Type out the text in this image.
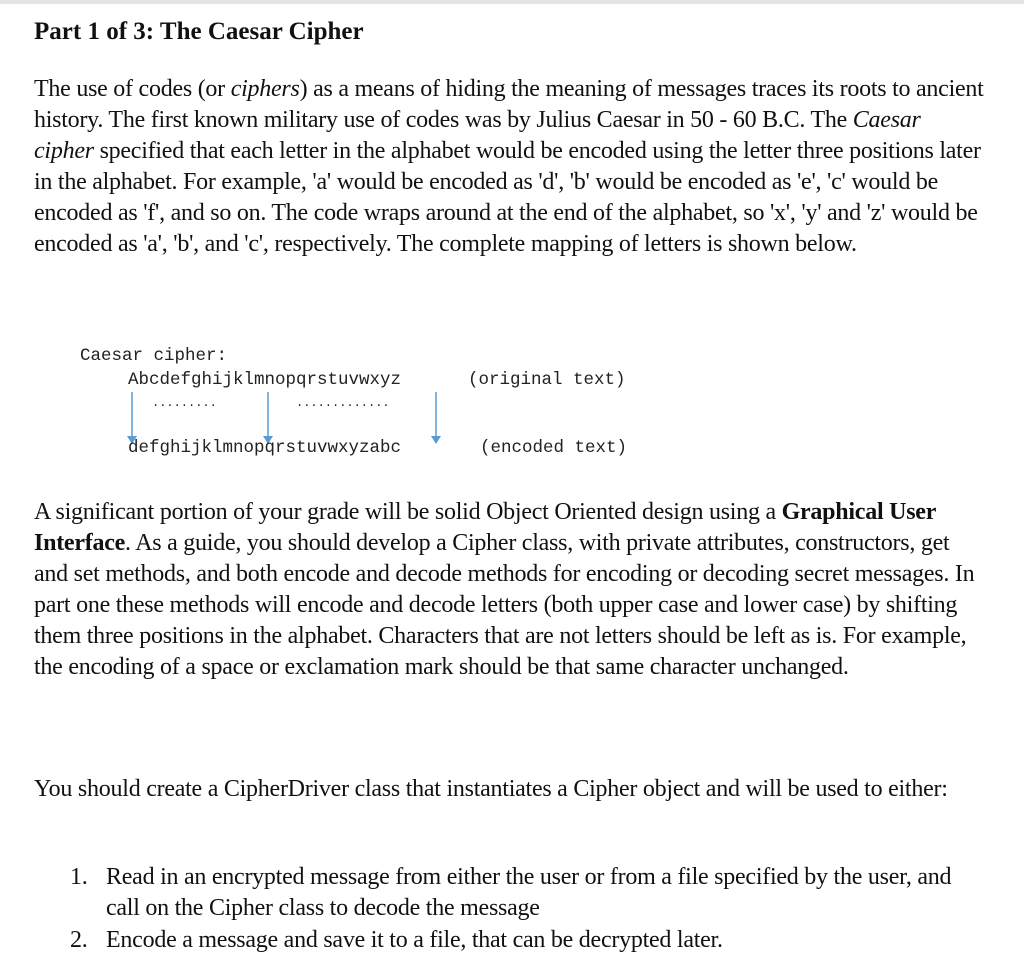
Part 1 of 3: The Caesar Cipher

The use of codes (or ciphers) as a means of hiding the meaning of messages traces its roots to ancient history. The first known military use of codes was by Julius Caesar in 50 - 60 B.C. The Caesar cipher specified that each letter in the alphabet would be encoded using the letter three positions later in the alphabet. For example, 'a' would be encoded as 'd', 'b' would be encoded as 'e', 'c' would be encoded as 'f', and so on. The code wraps around at the end of the alphabet, so 'x', 'y' and 'z' would be encoded as 'a', 'b', and 'c', respectively. The complete mapping of letters is shown below.

Caesar cipher:
Abcdefghijklmnopqrstuvwxyz	(original text)
.........	.............
defghijklmnopqrstuvwxyzabc	(encoded text)

A significant portion of your grade will be solid Object Oriented design using a Graphical User Interface. As a guide, you should develop a Cipher class, with private attributes, constructors, get and set methods, and both encode and decode methods for encoding or decoding secret messages. In part one these methods will encode and decode letters (both upper case and lower case) by shifting them three positions in the alphabet. Characters that are not letters should be left as is. For example, the encoding of a space or exclamation mark should be that same character unchanged.

You should create a CipherDriver class that instantiates a Cipher object and will be used to either:

1. Read in an encrypted message from either the user or from a file specified by the user, and call on the Cipher class to decode the message
2. Encode a message and save it to a file, that can be decrypted later.
